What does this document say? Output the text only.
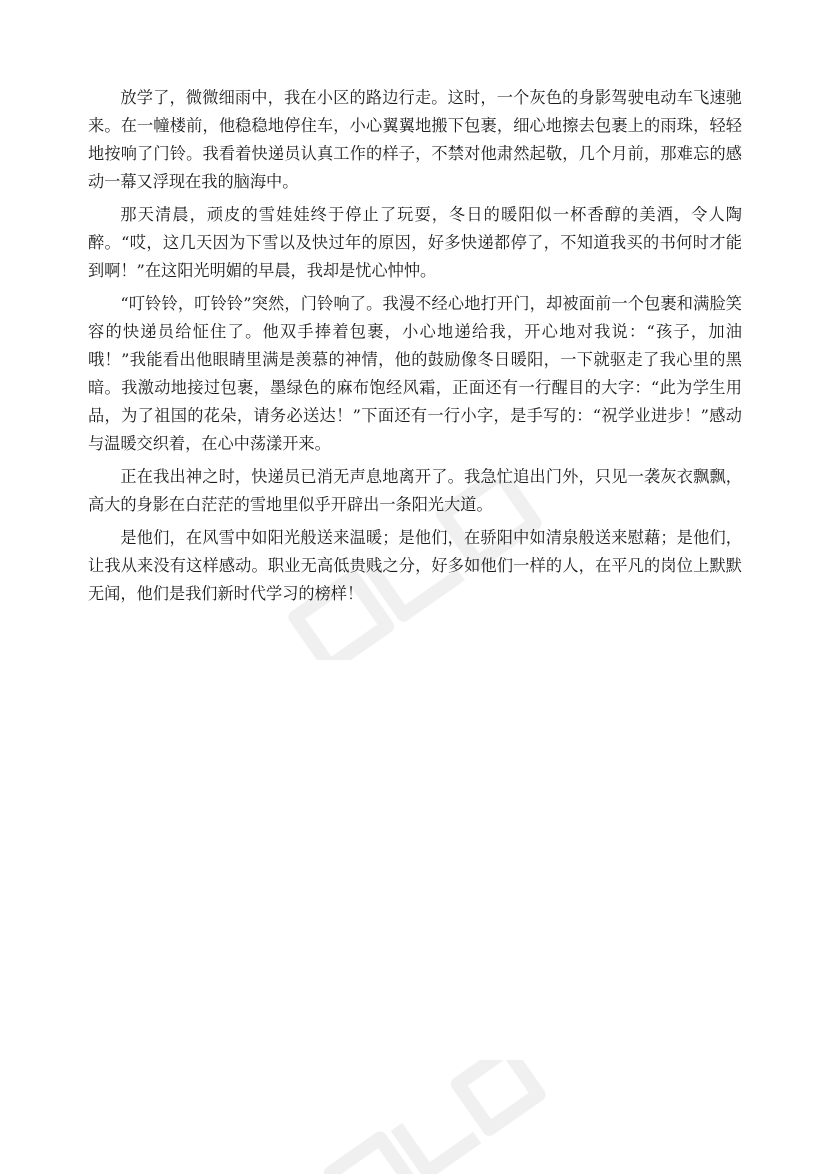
放学了，微微细雨中，我在小区的路边行走。这时，一个灰色的身影驾驶电动车飞速驰来。在一幢楼前，他稳稳地停住车，小心翼翼地搬下包裹，细心地擦去包裹上的雨珠，轻轻地按响了门铃。我看着快递员认真工作的样子，不禁对他肃然起敬，几个月前，那难忘的感动一幕又浮现在我的脑海中。

那天清晨，顽皮的雪娃娃终于停止了玩耍，冬日的暖阳似一杯香醇的美酒，令人陶醉。“哎，这几天因为下雪以及快过年的原因，好多快递都停了，不知道我买的书何时才能到啊！”在这阳光明媚的早晨，我却是忧心忡忡。

“叮铃铃，叮铃铃”突然，门铃响了。我漫不经心地打开门，却被面前一个包裹和满脸笑容的快递员给怔住了。他双手捧着包裹，小心地递给我，开心地对我说：“孩子，加油哦！”我能看出他眼睛里满是羡慕的神情，他的鼓励像冬日暖阳，一下就驱走了我心里的黑暗。我激动地接过包裹，墨绿色的麻布饱经风霜，正面还有一行醒目的大字：“此为学生用品，为了祖国的花朵，请务必送达！”下面还有一行小字，是手写的：“祝学业进步！”感动与温暖交织着，在心中荡漾开来。

正在我出神之时，快递员已消无声息地离开了。我急忙追出门外，只见一袭灰衣飘飘，高大的身影在白茫茫的雪地里似乎开辟出一条阳光大道。

是他们，在风雪中如阳光般送来温暖；是他们，在骄阳中如清泉般送来慰藉；是他们，让我从来没有这样感动。职业无高低贵贱之分，好多如他们一样的人，在平凡的岗位上默默无闻，他们是我们新时代学习的榜样！
